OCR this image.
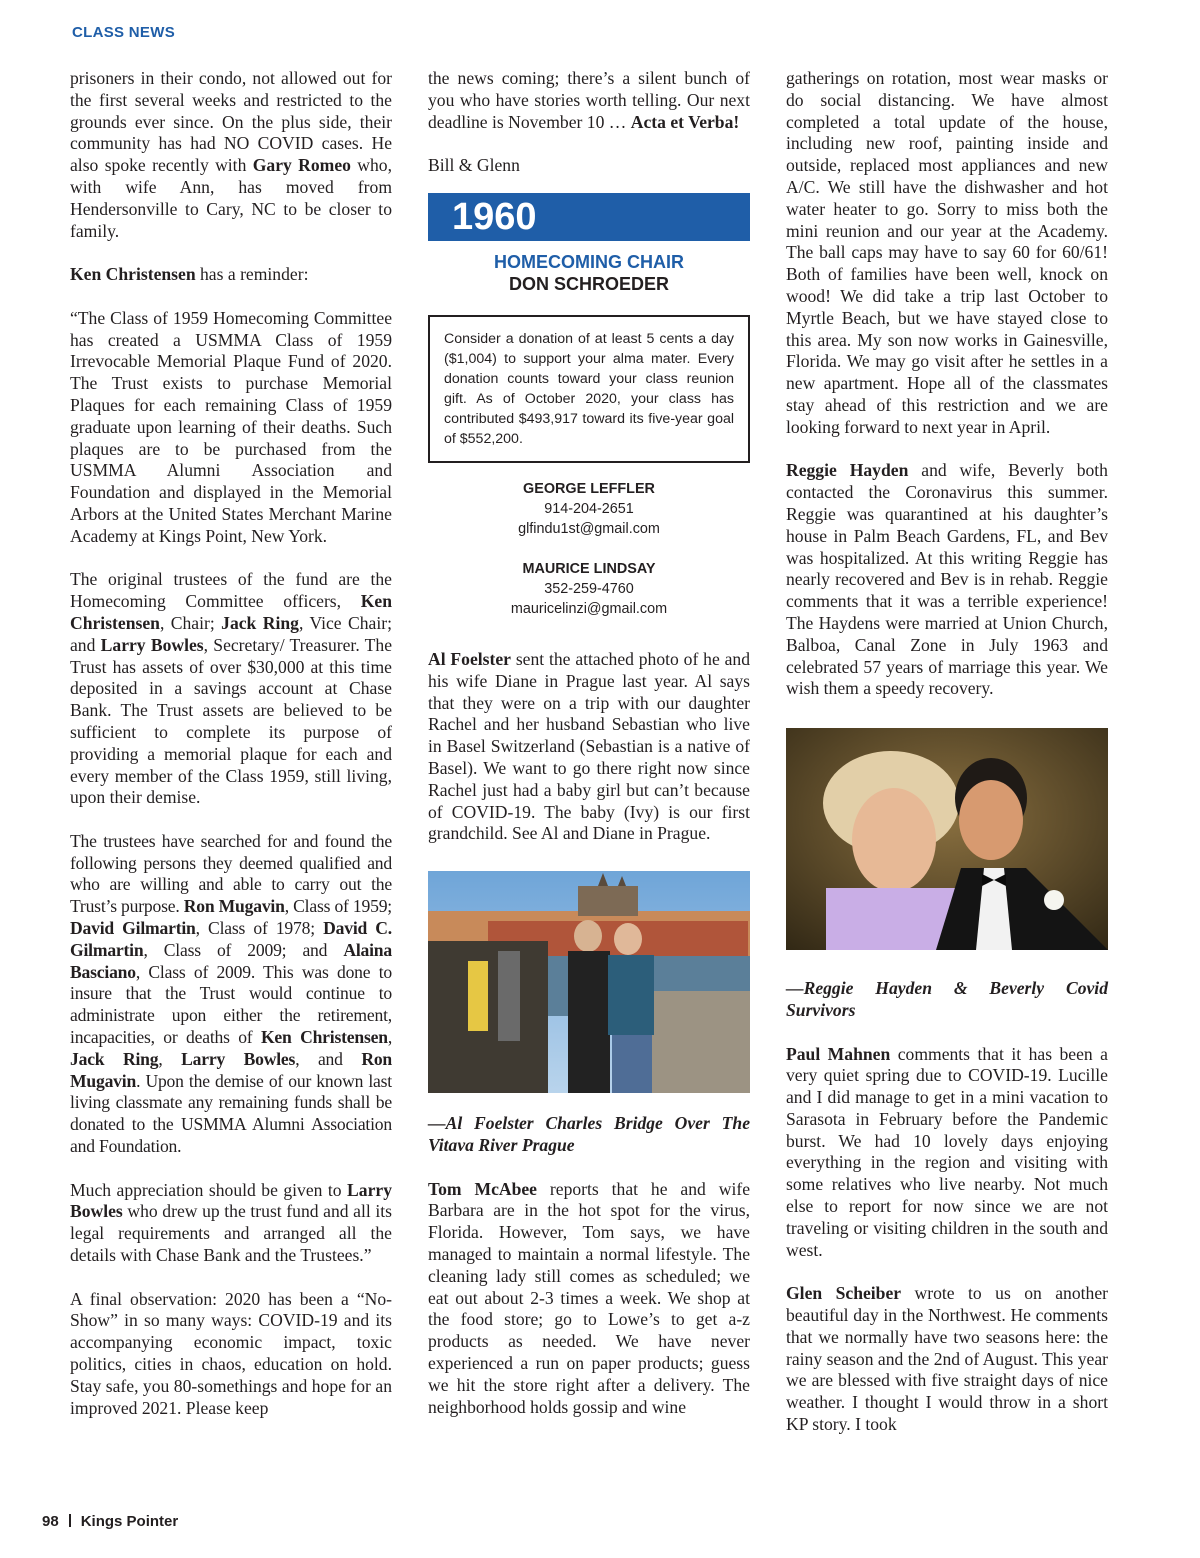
CLASS NEWS

prisoners in their condo, not allowed out for the first several weeks and restricted to the grounds ever since. On the plus side, their community has had NO COVID cases. He also spoke recently with Gary Romeo who, with wife Ann, has moved from Hendersonville to Cary, NC to be closer to family.

Ken Christensen has a reminder:

“The Class of 1959 Homecoming Committee has created a USMMA Class of 1959 Irrevocable Memorial Plaque Fund of 2020. The Trust exists to purchase Memorial Plaques for each remaining Class of 1959 graduate upon learning of their deaths. Such plaques are to be purchased from the USMMA Alumni Association and Foundation and displayed in the Memorial Arbors at the United States Merchant Marine Academy at Kings Point, New York.

The original trustees of the fund are the Homecoming Committee officers, Ken Christensen, Chair; Jack Ring, Vice Chair; and Larry Bowles, Secretary/ Treasurer. The Trust has assets of over $30,000 at this time deposited in a savings account at Chase Bank. The Trust assets are believed to be sufficient to complete its purpose of providing a memorial plaque for each and every member of the Class 1959, still living, upon their demise.

The trustees have searched for and found the following persons they deemed qualified and who are willing and able to carry out the Trust’s purpose. Ron Mugavin, Class of 1959; David Gilmartin, Class of 1978; David C. Gilmartin, Class of 2009; and Alaina Basciano, Class of 2009. This was done to insure that the Trust would continue to administrate upon either the retirement, incapacities, or deaths of Ken Christensen, Jack Ring, Larry Bowles, and Ron Mugavin. Upon the demise of our known last living classmate any remaining funds shall be donated to the USMMA Alumni Association and Foundation.

Much appreciation should be given to Larry Bowles who drew up the trust fund and all its legal requirements and arranged all the details with Chase Bank and the Trustees.”

A final observation: 2020 has been a “No-Show” in so many ways: COVID-19 and its accompanying economic impact, toxic politics, cities in chaos, education on hold. Stay safe, you 80-somethings and hope for an improved 2021. Please keep

the news coming; there’s a silent bunch of you who have stories worth telling. Our next deadline is November 10 … Acta et Verba!

Bill & Glenn

1960
HOMECOMING CHAIR
DON SCHROEDER
Consider a donation of at least 5 cents a day ($1,004) to support your alma mater. Every donation counts toward your class reunion gift. As of October 2020, your class has contributed $493,917 toward its five-year goal of $552,200.
GEORGE LEFFLER
914-204-2651
glfindu1st@gmail.com
MAURICE LINDSAY
352-259-4760
mauricelinzi@gmail.com

Al Foelster sent the attached photo of he and his wife Diane in Prague last year. Al says that they were on a trip with our daughter Rachel and her husband Sebastian who live in Basel Switzerland (Sebastian is a native of Basel). We want to go there right now since Rachel just had a baby girl but can’t because of COVID-19. The baby (Ivy) is our first grandchild. See Al and Diane in Prague.

—Al Foelster Charles Bridge Over The Vitava River Prague

Tom McAbee reports that he and wife Barbara are in the hot spot for the virus, Florida. However, Tom says, we have managed to maintain a normal lifestyle. The cleaning lady still comes as scheduled; we eat out about 2-3 times a week. We shop at the food store; go to Lowe’s to get a-z products as needed. We have never experienced a run on paper products; guess we hit the store right after a delivery. The neighborhood holds gossip and wine

gatherings on rotation, most wear masks or do social distancing. We have almost completed a total update of the house, including new roof, painting inside and outside, replaced most appliances and new A/C. We still have the dishwasher and hot water heater to go. Sorry to miss both the mini reunion and our year at the Academy. The ball caps may have to say 60 for 60/61! Both of families have been well, knock on wood! We did take a trip last October to Myrtle Beach, but we have stayed close to this area. My son now works in Gainesville, Florida. We may go visit after he settles in a new apartment. Hope all of the classmates stay ahead of this restriction and we are looking forward to next year in April.

Reggie Hayden and wife, Beverly both contacted the Coronavirus this summer. Reggie was quarantined at his daughter’s house in Palm Beach Gardens, FL, and Bev was hospitalized. At this writing Reggie has nearly recovered and Bev is in rehab. Reggie comments that it was a terrible experience! The Haydens were married at Union Church, Balboa, Canal Zone in July 1963 and celebrated 57 years of marriage this year. We wish them a speedy recovery.

—Reggie Hayden & Beverly Covid Survivors

Paul Mahnen comments that it has been a very quiet spring due to COVID-19. Lucille and I did manage to get in a mini vacation to Sarasota in February before the Pandemic burst. We had 10 lovely days enjoying everything in the region and visiting with some relatives who live nearby. Not much else to report for now since we are not traveling or visiting children in the south and west.

Glen Scheiber wrote to us on another beautiful day in the Northwest. He comments that we normally have two seasons here: the rainy season and the 2nd of August. This year we are blessed with five straight days of nice weather. I thought I would throw in a short KP story. I took

98 Kings Pointer
